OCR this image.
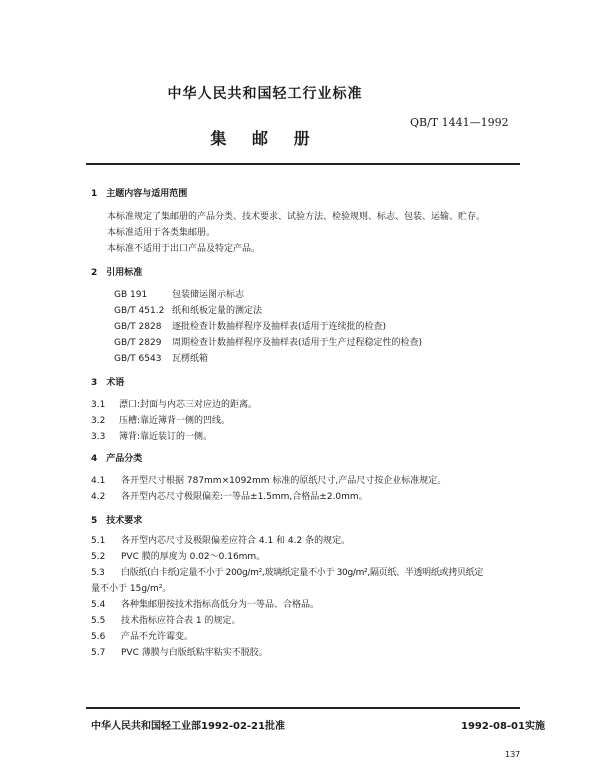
中华人民共和国轻工行业标准
QB/T 1441—1992
集 邮 册
1　主题内容与适用范围
本标准规定了集邮册的产品分类、技术要求、试验方法、检验规则、标志、包装、运输、贮存。
本标准适用于各类集邮册。
本标准不适用于出口产品及特定产品。
2　引用标准
GB 191	包装储运图示标志
GB/T 451.2 纸和纸板定量的测定法
GB/T 2828 逐批检查计数抽样程序及抽样表(适用于连续批的检查)
GB/T 2829 周期检查计数抽样程序及抽样表(适用于生产过程稳定性的检查)
GB/T 6543 瓦楞纸箱
3　术语
3.1 漂口:封面与内芯三对应边的距离。
3.2 压槽:靠近簿背一侧的凹线。
3.3 簿背:靠近装订的一侧。
4　产品分类
4.1 各开型尺寸根据 787mm×1092mm 标准的原纸尺寸,产品尺寸按企业标准规定。
4.2 各开型内芯尺寸极限偏差:一等品±1.5mm,合格品±2.0mm。
5　技术要求
5.1 各开型内芯尺寸及极限偏差应符合 4.1 和 4.2 条的规定。
5.2 PVC 膜的厚度为 0.02～0.16mm。
5.3 白版纸(白卡纸)定量不小于 200g/m²,玻璃纸定量不小于 30g/m²,隔页纸、半透明纸或拷贝纸定
量不小于 15g/m²。
5.4 各种集邮册按技术指标高低分为一等品、合格品。
5.5 技术指标应符合表 1 的规定。
5.6 产品不允许霉变。
5.7 PVC 薄膜与白版纸粘牢粘实不脱胶。
中华人民共和国轻工业部1992-02-21批准	1992-08-01实施
137
